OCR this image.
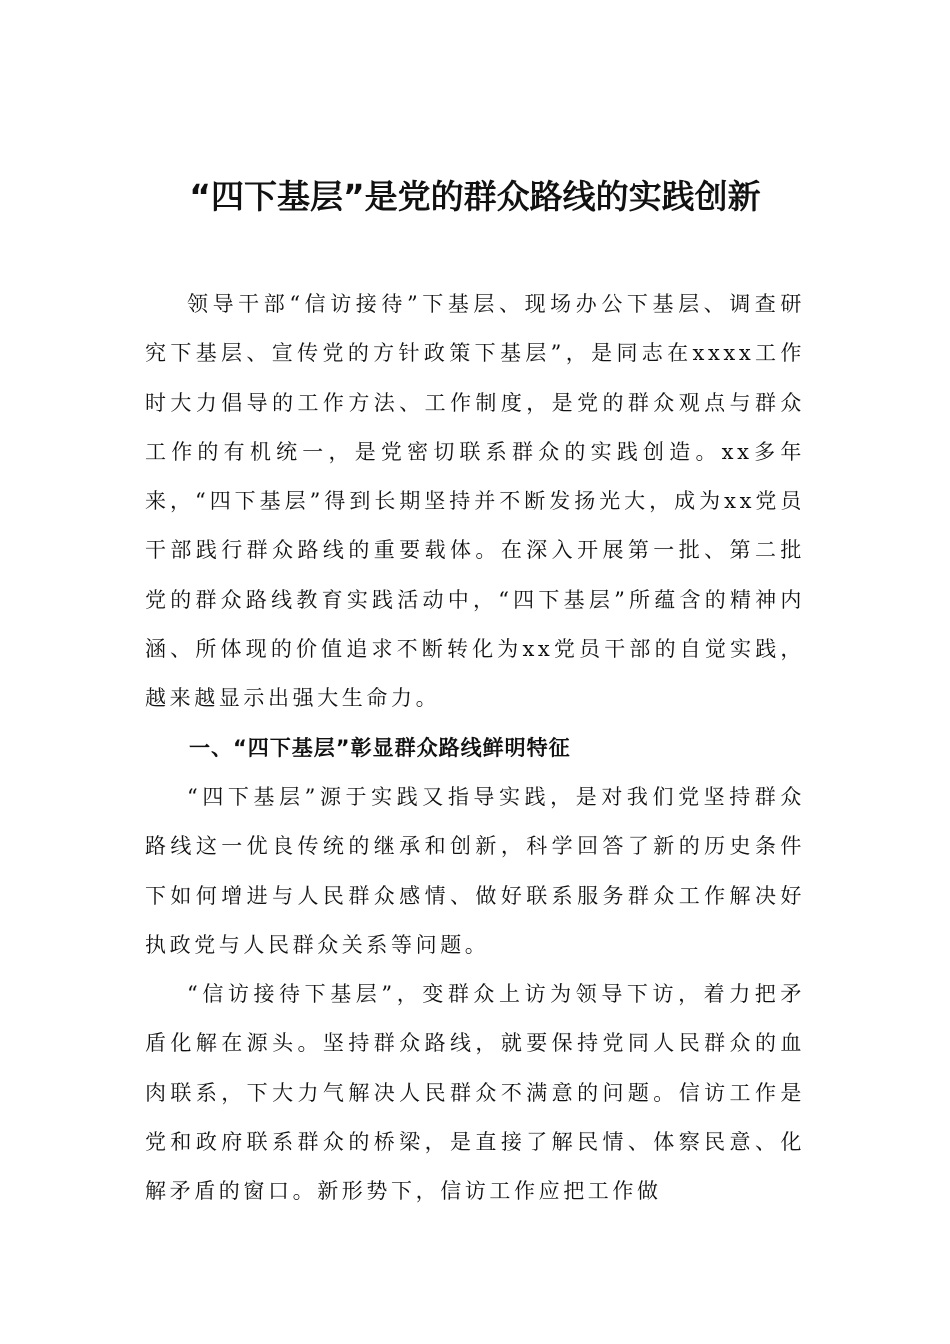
“四下基层”是党的群众路线的实践创新

领导干部“信访接待”下基层、现场办公下基层、调查研究下基层、宣传党的方针政策下基层”，是同志在xxxx工作时大力倡导的工作方法、工作制度，是党的群众观点与群众工作的有机统一，是党密切联系群众的实践创造。xx多年来，“四下基层”得到长期坚持并不断发扬光大，成为xx党员干部践行群众路线的重要载体。在深入开展第一批、第二批党的群众路线教育实践活动中，“四下基层”所蕴含的精神内涵、所体现的价值追求不断转化为xx党员干部的自觉实践，越来越显示出强大生命力。

一、“四下基层”彰显群众路线鲜明特征

“四下基层”源于实践又指导实践，是对我们党坚持群众路线这一优良传统的继承和创新，科学回答了新的历史条件下如何增进与人民群众感情、做好联系服务群众工作解决好执政党与人民群众关系等问题。

“信访接待下基层”，变群众上访为领导下访，着力把矛盾化解在源头。坚持群众路线，就要保持党同人民群众的血肉联系，下大力气解决人民群众不满意的问题。信访工作是党和政府联系群众的桥梁，是直接了解民情、体察民意、化解矛盾的窗口。新形势下，信访工作应把工作做
